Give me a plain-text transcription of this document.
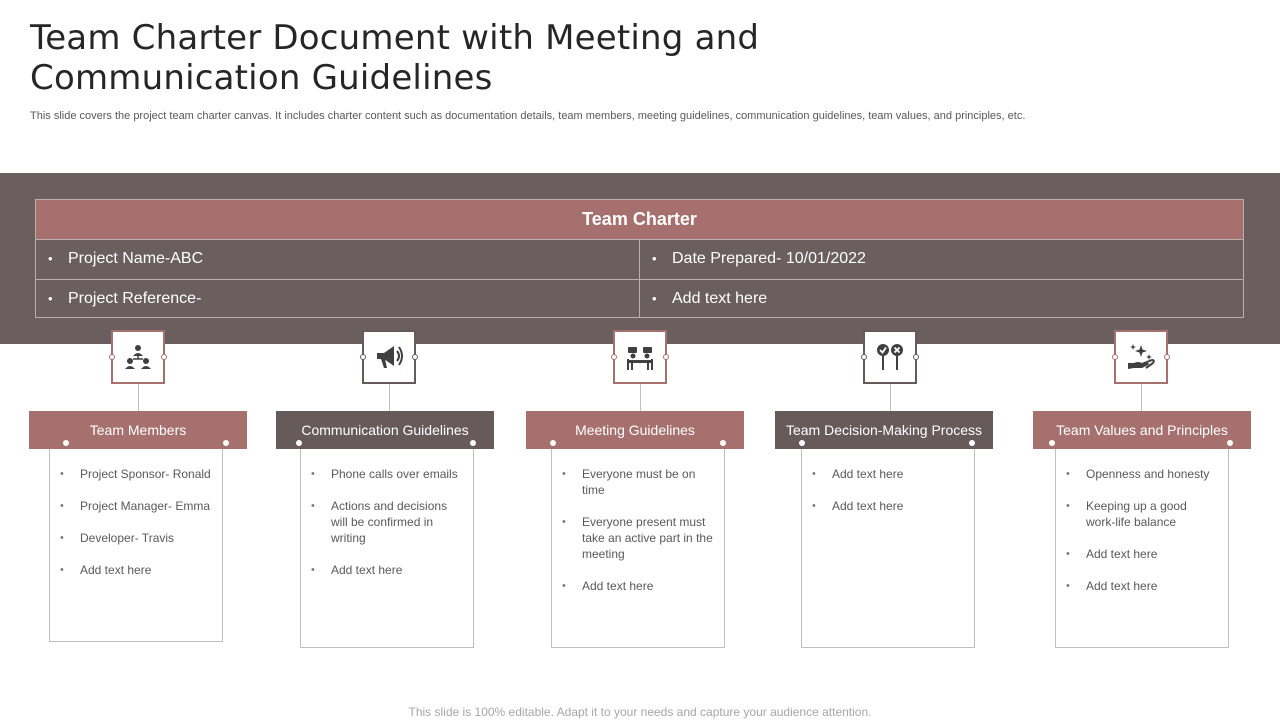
Team Charter Document with Meeting and Communication Guidelines

This slide covers the project team charter canvas. It includes charter content such as documentation details, team members, meeting guidelines, communication guidelines, team values, and principles, etc.

Team Charter
• Project Name-ABC	• Date Prepared- 10/01/2022
• Project Reference-	• Add text here
Team Members
• Project Sponsor- Ronald
• Project Manager- Emma
• Developer- Travis
• Add text here
Communication Guidelines
• Phone calls over emails
• Actions and decisions will be confirmed in writing
• Add text here
Meeting Guidelines
• Everyone must be on time
• Everyone present must take an active part in the meeting
• Add text here
Team Decision-Making Process
• Add text here
• Add text here
Team Values and Principles
• Openness and honesty
• Keeping up a good work-life balance
• Add text here
• Add text here
This slide is 100% editable. Adapt it to your needs and capture your audience attention.
